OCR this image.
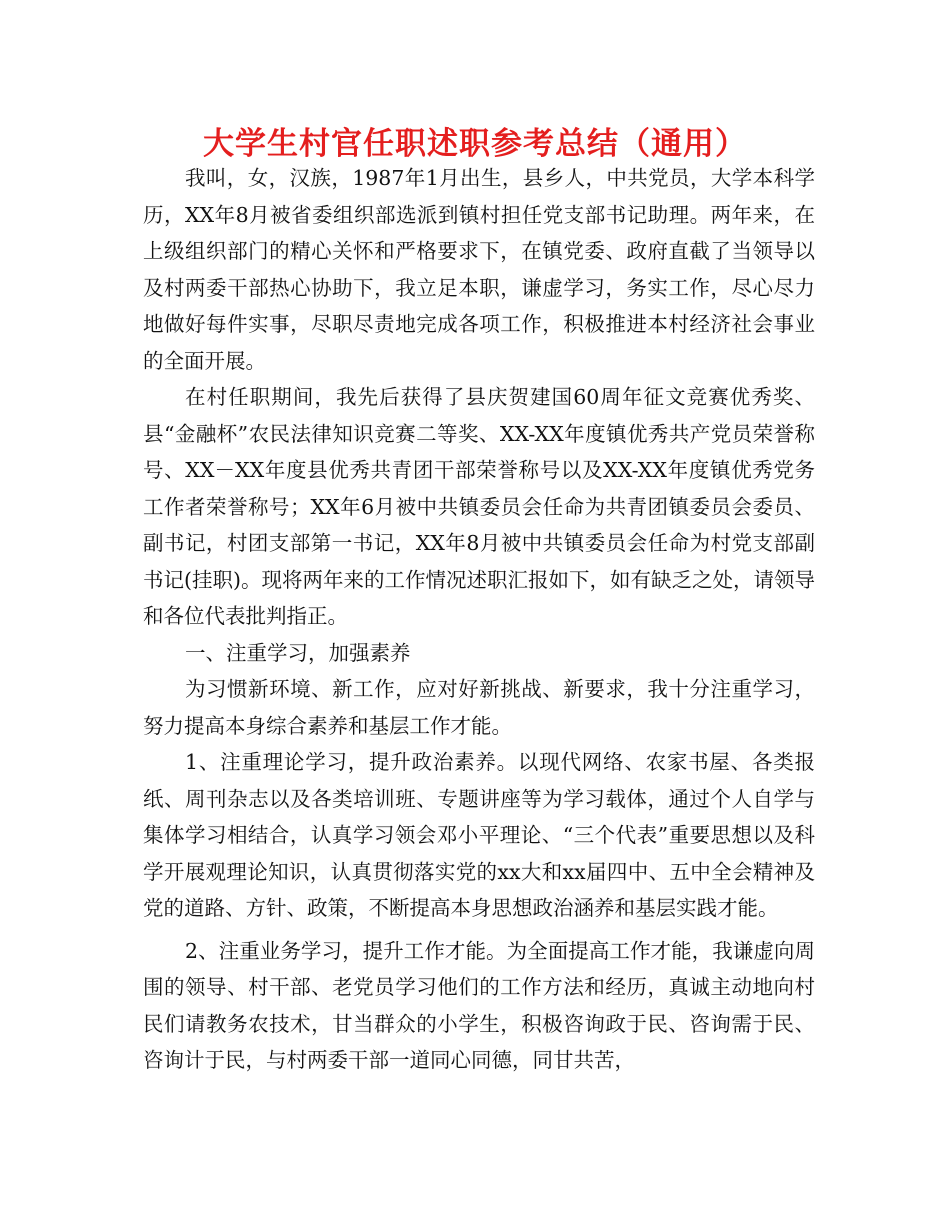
大学生村官任职述职参考总结（通用）

我叫，女，汉族，1987年1月出生，县乡人，中共党员，大学本科学历，XX年8月被省委组织部选派到镇村担任党支部书记助理。两年来，在上级组织部门的精心关怀和严格要求下，在镇党委、政府直截了当领导以及村两委干部热心协助下，我立足本职，谦虚学习，务实工作，尽心尽力地做好每件实事，尽职尽责地完成各项工作，积极推进本村经济社会事业的全面开展。

在村任职期间，我先后获得了县庆贺建国60周年征文竞赛优秀奖、县“金融杯”农民法律知识竞赛二等奖、XX-XX年度镇优秀共产党员荣誉称号、XX－XX年度县优秀共青团干部荣誉称号以及XX-XX年度镇优秀党务工作者荣誉称号；XX年6月被中共镇委员会任命为共青团镇委员会委员、副书记，村团支部第一书记，XX年8月被中共镇委员会任命为村党支部副书记(挂职)。现将两年来的工作情况述职汇报如下，如有缺乏之处，请领导和各位代表批判指正。

一、注重学习，加强素养

为习惯新环境、新工作，应对好新挑战、新要求，我十分注重学习，努力提高本身综合素养和基层工作才能。

1、注重理论学习，提升政治素养。以现代网络、农家书屋、各类报纸、周刊杂志以及各类培训班、专题讲座等为学习载体，通过个人自学与集体学习相结合，认真学习领会邓小平理论、“三个代表”重要思想以及科学开展观理论知识，认真贯彻落实党的xx大和xx届四中、五中全会精神及党的道路、方针、政策，不断提高本身思想政治涵养和基层实践才能。

2、注重业务学习，提升工作才能。为全面提高工作才能，我谦虚向周围的领导、村干部、老党员学习他们的工作方法和经历，真诚主动地向村民们请教务农技术，甘当群众的小学生，积极咨询政于民、咨询需于民、咨询计于民，与村两委干部一道同心同德，同甘共苦，
